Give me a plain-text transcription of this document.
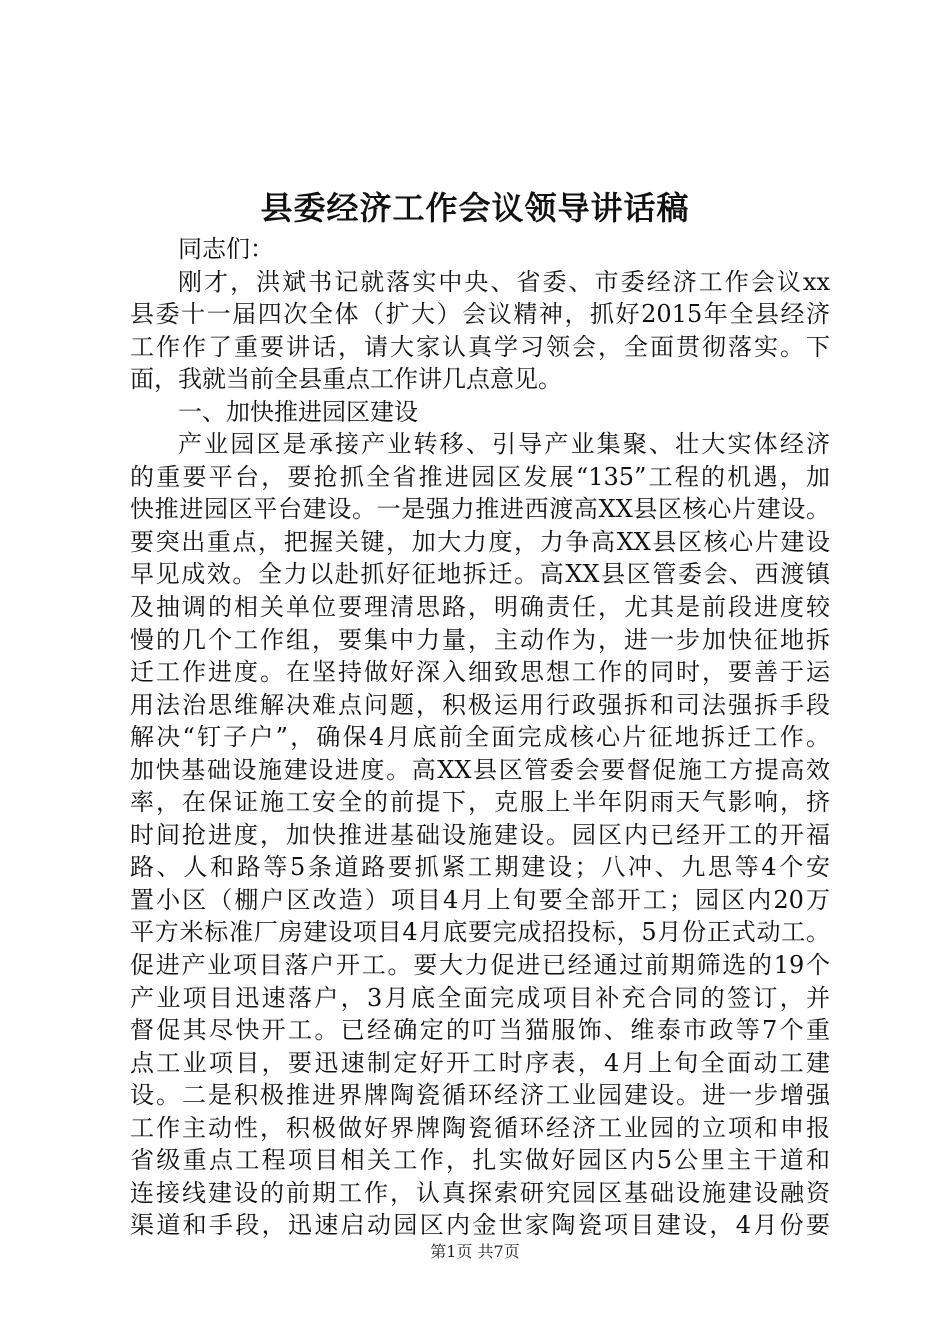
县委经济工作会议领导讲话稿
同志们：
刚才，洪斌书记就落实中央、省委、市委经济工作会议xx
县委十一届四次全体（扩大）会议精神，抓好2015年全县经济
工作作了重要讲话，请大家认真学习领会，全面贯彻落实。下
面，我就当前全县重点工作讲几点意见。
一、加快推进园区建设
产业园区是承接产业转移、引导产业集聚、壮大实体经济
的重要平台，要抢抓全省推进园区发展“135”工程的机遇，加
快推进园区平台建设。一是强力推进西渡高XX县区核心片建设。
要突出重点，把握关键，加大力度，力争高XX县区核心片建设
早见成效。全力以赴抓好征地拆迁。高XX县区管委会、西渡镇
及抽调的相关单位要理清思路，明确责任，尤其是前段进度较
慢的几个工作组，要集中力量，主动作为，进一步加快征地拆
迁工作进度。在坚持做好深入细致思想工作的同时，要善于运
用法治思维解决难点问题，积极运用行政强拆和司法强拆手段
解决“钉子户”，确保4月底前全面完成核心片征地拆迁工作。
加快基础设施建设进度。高XX县区管委会要督促施工方提高效
率，在保证施工安全的前提下，克服上半年阴雨天气影响，挤
时间抢进度，加快推进基础设施建设。园区内已经开工的开福
路、人和路等5条道路要抓紧工期建设；八冲、九思等4个安
置小区（棚户区改造）项目4月上旬要全部开工；园区内20万
平方米标准厂房建设项目4月底要完成招投标，5月份正式动工。
促进产业项目落户开工。要大力促进已经通过前期筛选的19个
产业项目迅速落户，3月底全面完成项目补充合同的签订，并
督促其尽快开工。已经确定的叮当猫服饰、维泰市政等7个重
点工业项目，要迅速制定好开工时序表，4月上旬全面动工建
设。二是积极推进界牌陶瓷循环经济工业园建设。进一步增强
工作主动性，积极做好界牌陶瓷循环经济工业园的立项和申报
省级重点工程项目相关工作，扎实做好园区内5公里主干道和
连接线建设的前期工作，认真探索研究园区基础设施建设融资
渠道和手段，迅速启动园区内金世家陶瓷项目建设，4月份要
第1页 共7页
